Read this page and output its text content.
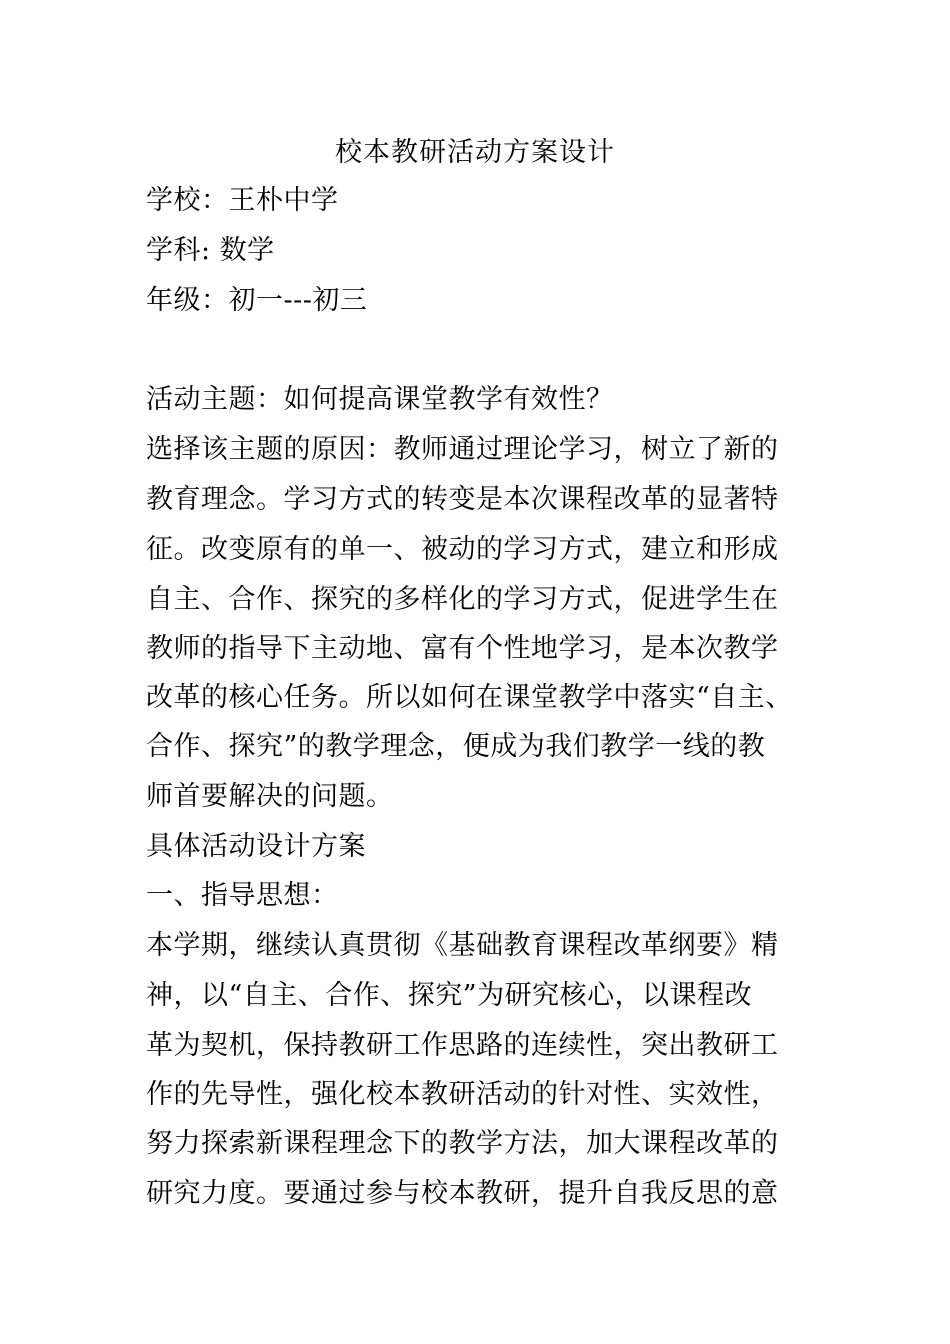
校本教研活动方案设计
学校：王朴中学
学科: 数学
年级：初一---初三
活动主题：如何提高课堂教学有效性？
选择该主题的原因：教师通过理论学习，树立了新的
教育理念。学习方式的转变是本次课程改革的显著特
征。改变原有的单一、被动的学习方式，建立和形成
自主、合作、探究的多样化的学习方式，促进学生在
教师的指导下主动地、富有个性地学习，是本次教学
改革的核心任务。所以如何在课堂教学中落实“自主、
合作、探究”的教学理念，便成为我们教学一线的教
师首要解决的问题。
具体活动设计方案
一、指导思想：
本学期，继续认真贯彻《基础教育课程改革纲要》精
神，以“自主、合作、探究”为研究核心，以课程改
革为契机，保持教研工作思路的连续性，突出教研工
作的先导性，强化校本教研活动的针对性、实效性，
努力探索新课程理念下的教学方法，加大课程改革的
研究力度。要通过参与校本教研，提升自我反思的意
